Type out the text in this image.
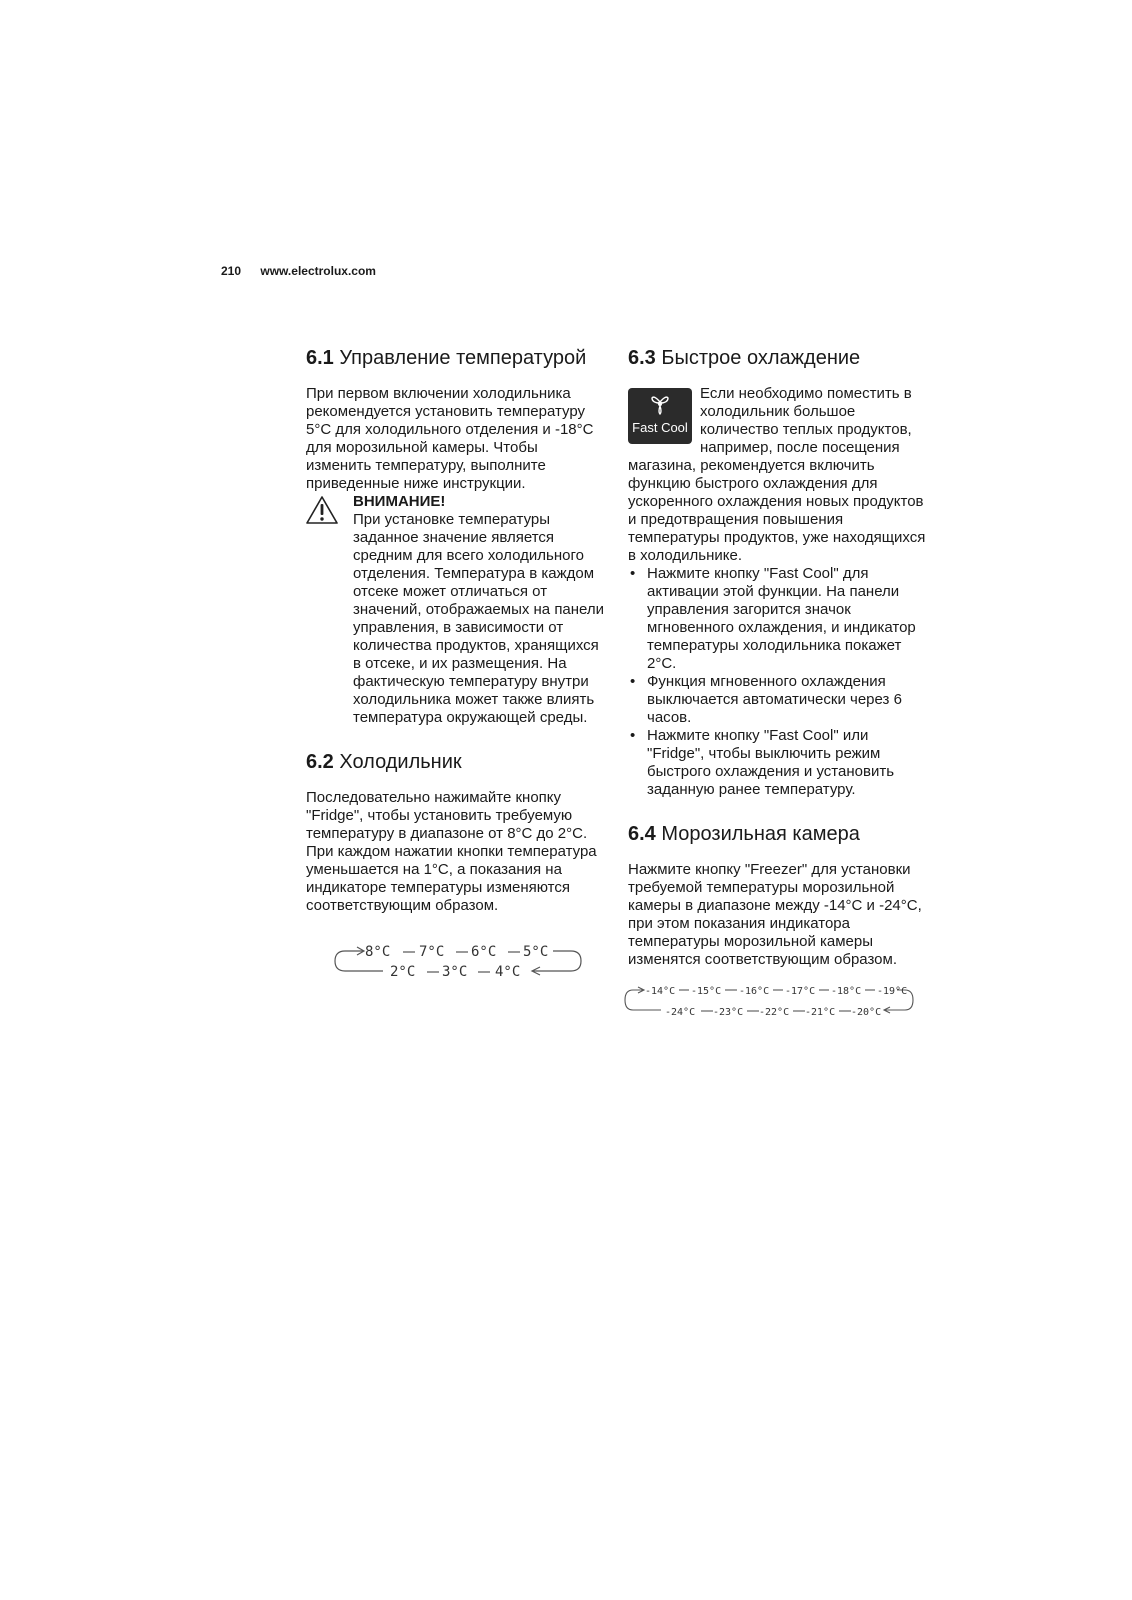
210 www.electrolux.com
6.1 Управление температурой

При первом включении холодильника рекомендуется установить температуру 5°C для холодильного отделения и -18°C для морозильной камеры. Чтобы изменить температуру, выполните приведенные ниже инструкции.

ВНИМАНИЕ!

При установке температуры заданное значение является средним для всего холодильного отделения. Температура в каждом отсеке может отличаться от значений, отображаемых на панели управления, в зависимости от количества продуктов, хранящихся в отсеке, и их размещения. На фактическую температуру внутри холодильника может также влиять температура окружающей среды.

6.2 Холодильник

Последовательно нажимайте кнопку "Fridge", чтобы установить требуемую температуру в диапазоне от 8°C до 2°C. При каждом нажатии кнопки температура уменьшается на 1°C, а показания на индикаторе температуры изменяются соответствующим образом.

8°C 7°C 6°C 5°C
2°C 3°C 4°C
6.3 Быстрое охлаждение
Fast Cool

Если необходимо поместить в холодильник большое количество теплых продуктов, например, после посещения магазина, рекомендуется включить функцию быстрого охлаждения для ускоренного охлаждения новых продуктов и предотвращения повышения температуры продуктов, уже находящихся в холодильнике.

• Нажмите кнопку "Fast Cool" для активации этой функции. На панели управления загорится значок мгновенного охлаждения, и индикатор температуры холодильника покажет 2°C.
• Функция мгновенного охлаждения выключается автоматически через 6 часов.
• Нажмите кнопку "Fast Cool" или "Fridge", чтобы выключить режим быстрого охлаждения и установить заданную ранее температуру.
6.4 Морозильная камера

Нажмите кнопку "Freezer" для установки требуемой температуры морозильной камеры в диапазоне между -14°C и -24°C, при этом показания индикатора температуры морозильной камеры изменятся соответствующим образом.

-14°C -15°C -16°C -17°C -18°C -19°C
-24°C -23°C -22°C -21°C -20°C
